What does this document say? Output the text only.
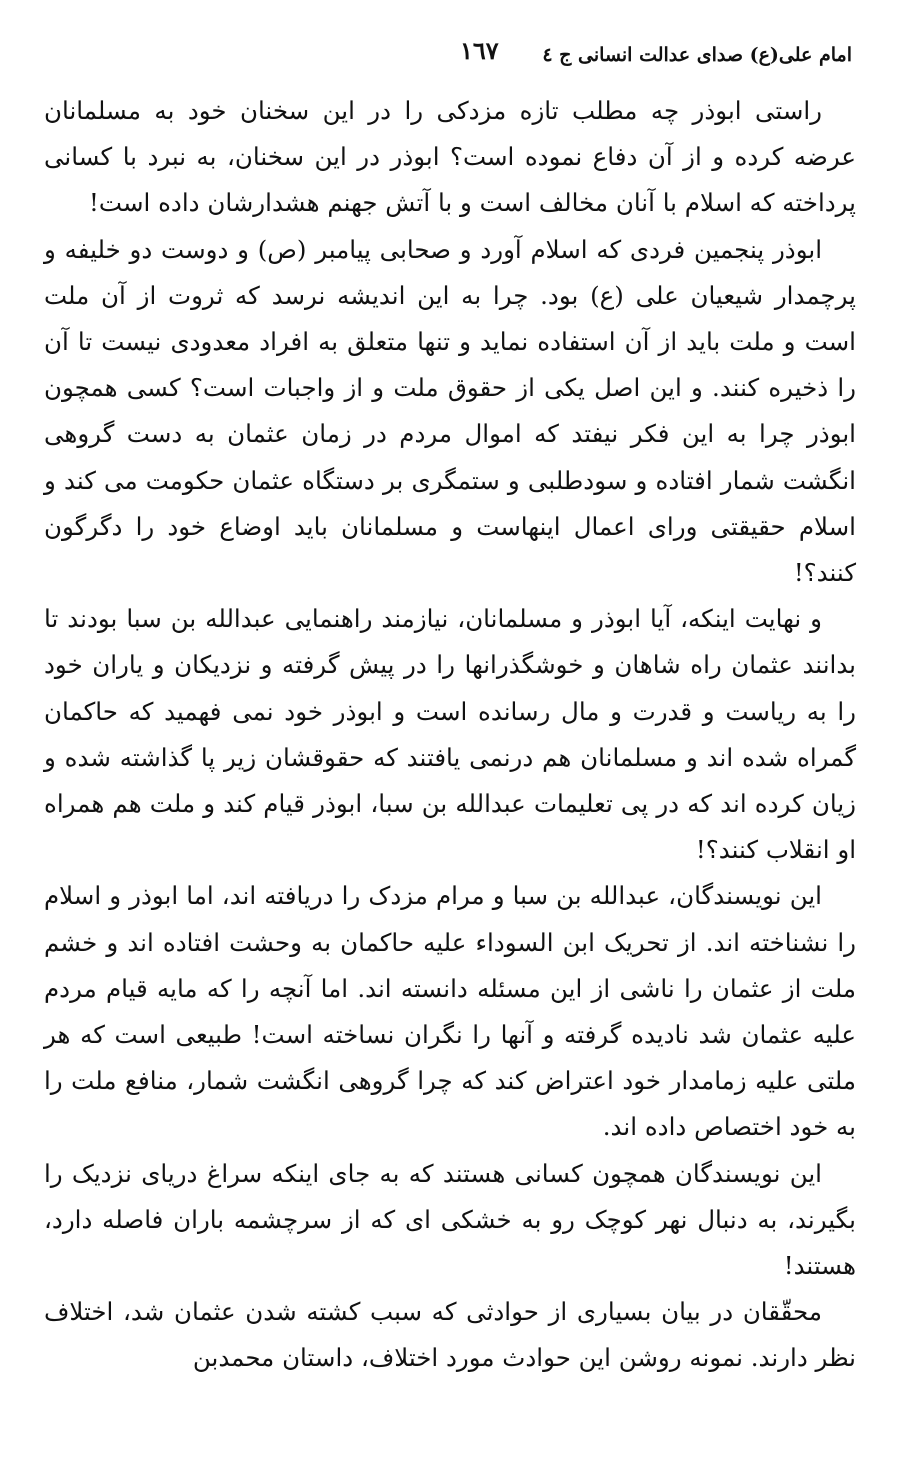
امام علی(ع) صدای عدالت انسانی ج ٤
١٦٧

راستی ابوذر چه مطلب تازه مزدکی را در این سخنان خود به مسلمانان عرضه کرده و از آن دفاع نموده است؟ ابوذر در این سخنان، به نبرد با کسانی پرداخته که اسلام با آنان مخالف است و با آتش جهنم هشدارشان داده است!

ابوذر پنجمین فردی که اسلام آورد و صحابی پیامبر (ص) و دوست دو خلیفه و پرچمدار شیعیان علی (ع) بود. چرا به این اندیشه نرسد که ثروت از آن ملت است و ملت باید از آن استفاده نماید و تنها متعلق به افراد معدودی نیست تا آن را ذخیره کنند. و این اصل یکی از حقوق ملت و از واجبات است؟ کسی همچون ابوذر چرا به این فکر نیفتد که اموال مردم در زمان عثمان به دست گروهی انگشت شمار افتاده و سودطلبی و ستمگری بر دستگاه عثمان حکومت می کند و اسلام حقیقتی ورای اعمال اینهاست و مسلمانان باید اوضاع خود را دگرگون کنند؟!

و نهایت اینکه، آیا ابوذر و مسلمانان، نیازمند راهنمایی عبدالله بن سبا بودند تا بدانند عثمان راه شاهان و خوشگذرانها را در پیش گرفته و نزدیکان و یاران خود را به ریاست و قدرت و مال رسانده است و ابوذر خود نمی فهمید که حاکمان گمراه شده اند و مسلمانان هم درنمی یافتند که حقوقشان زیر پا گذاشته شده و زیان کرده اند که در پی تعلیمات عبدالله بن سبا، ابوذر قیام کند و ملت هم همراه او انقلاب کنند؟!

این نویسندگان، عبدالله بن سبا و مرام مزدک را دریافته اند، اما ابوذر و اسلام را نشناخته اند. از تحریک ابن السوداء علیه حاکمان به وحشت افتاده اند و خشم ملت از عثمان را ناشی از این مسئله دانسته اند. اما آنچه را که مایه قیام مردم علیه عثمان شد نادیده گرفته و آنها را نگران نساخته است! طبیعی است که هر ملتی علیه زمامدار خود اعتراض کند که چرا گروهی انگشت شمار، منافع ملت را به خود اختصاص داده اند.

این نویسندگان همچون کسانی هستند که به جای اینکه سراغ دریای نزدیک را بگیرند، به دنبال نهر کوچک رو به خشکی ای که از سرچشمه باران فاصله دارد، هستند!

محقّقان در بیان بسیاری از حوادثی که سبب کشته شدن عثمان شد، اختلاف نظر دارند. نمونه روشن این حوادث مورد اختلاف، داستان محمدبن
